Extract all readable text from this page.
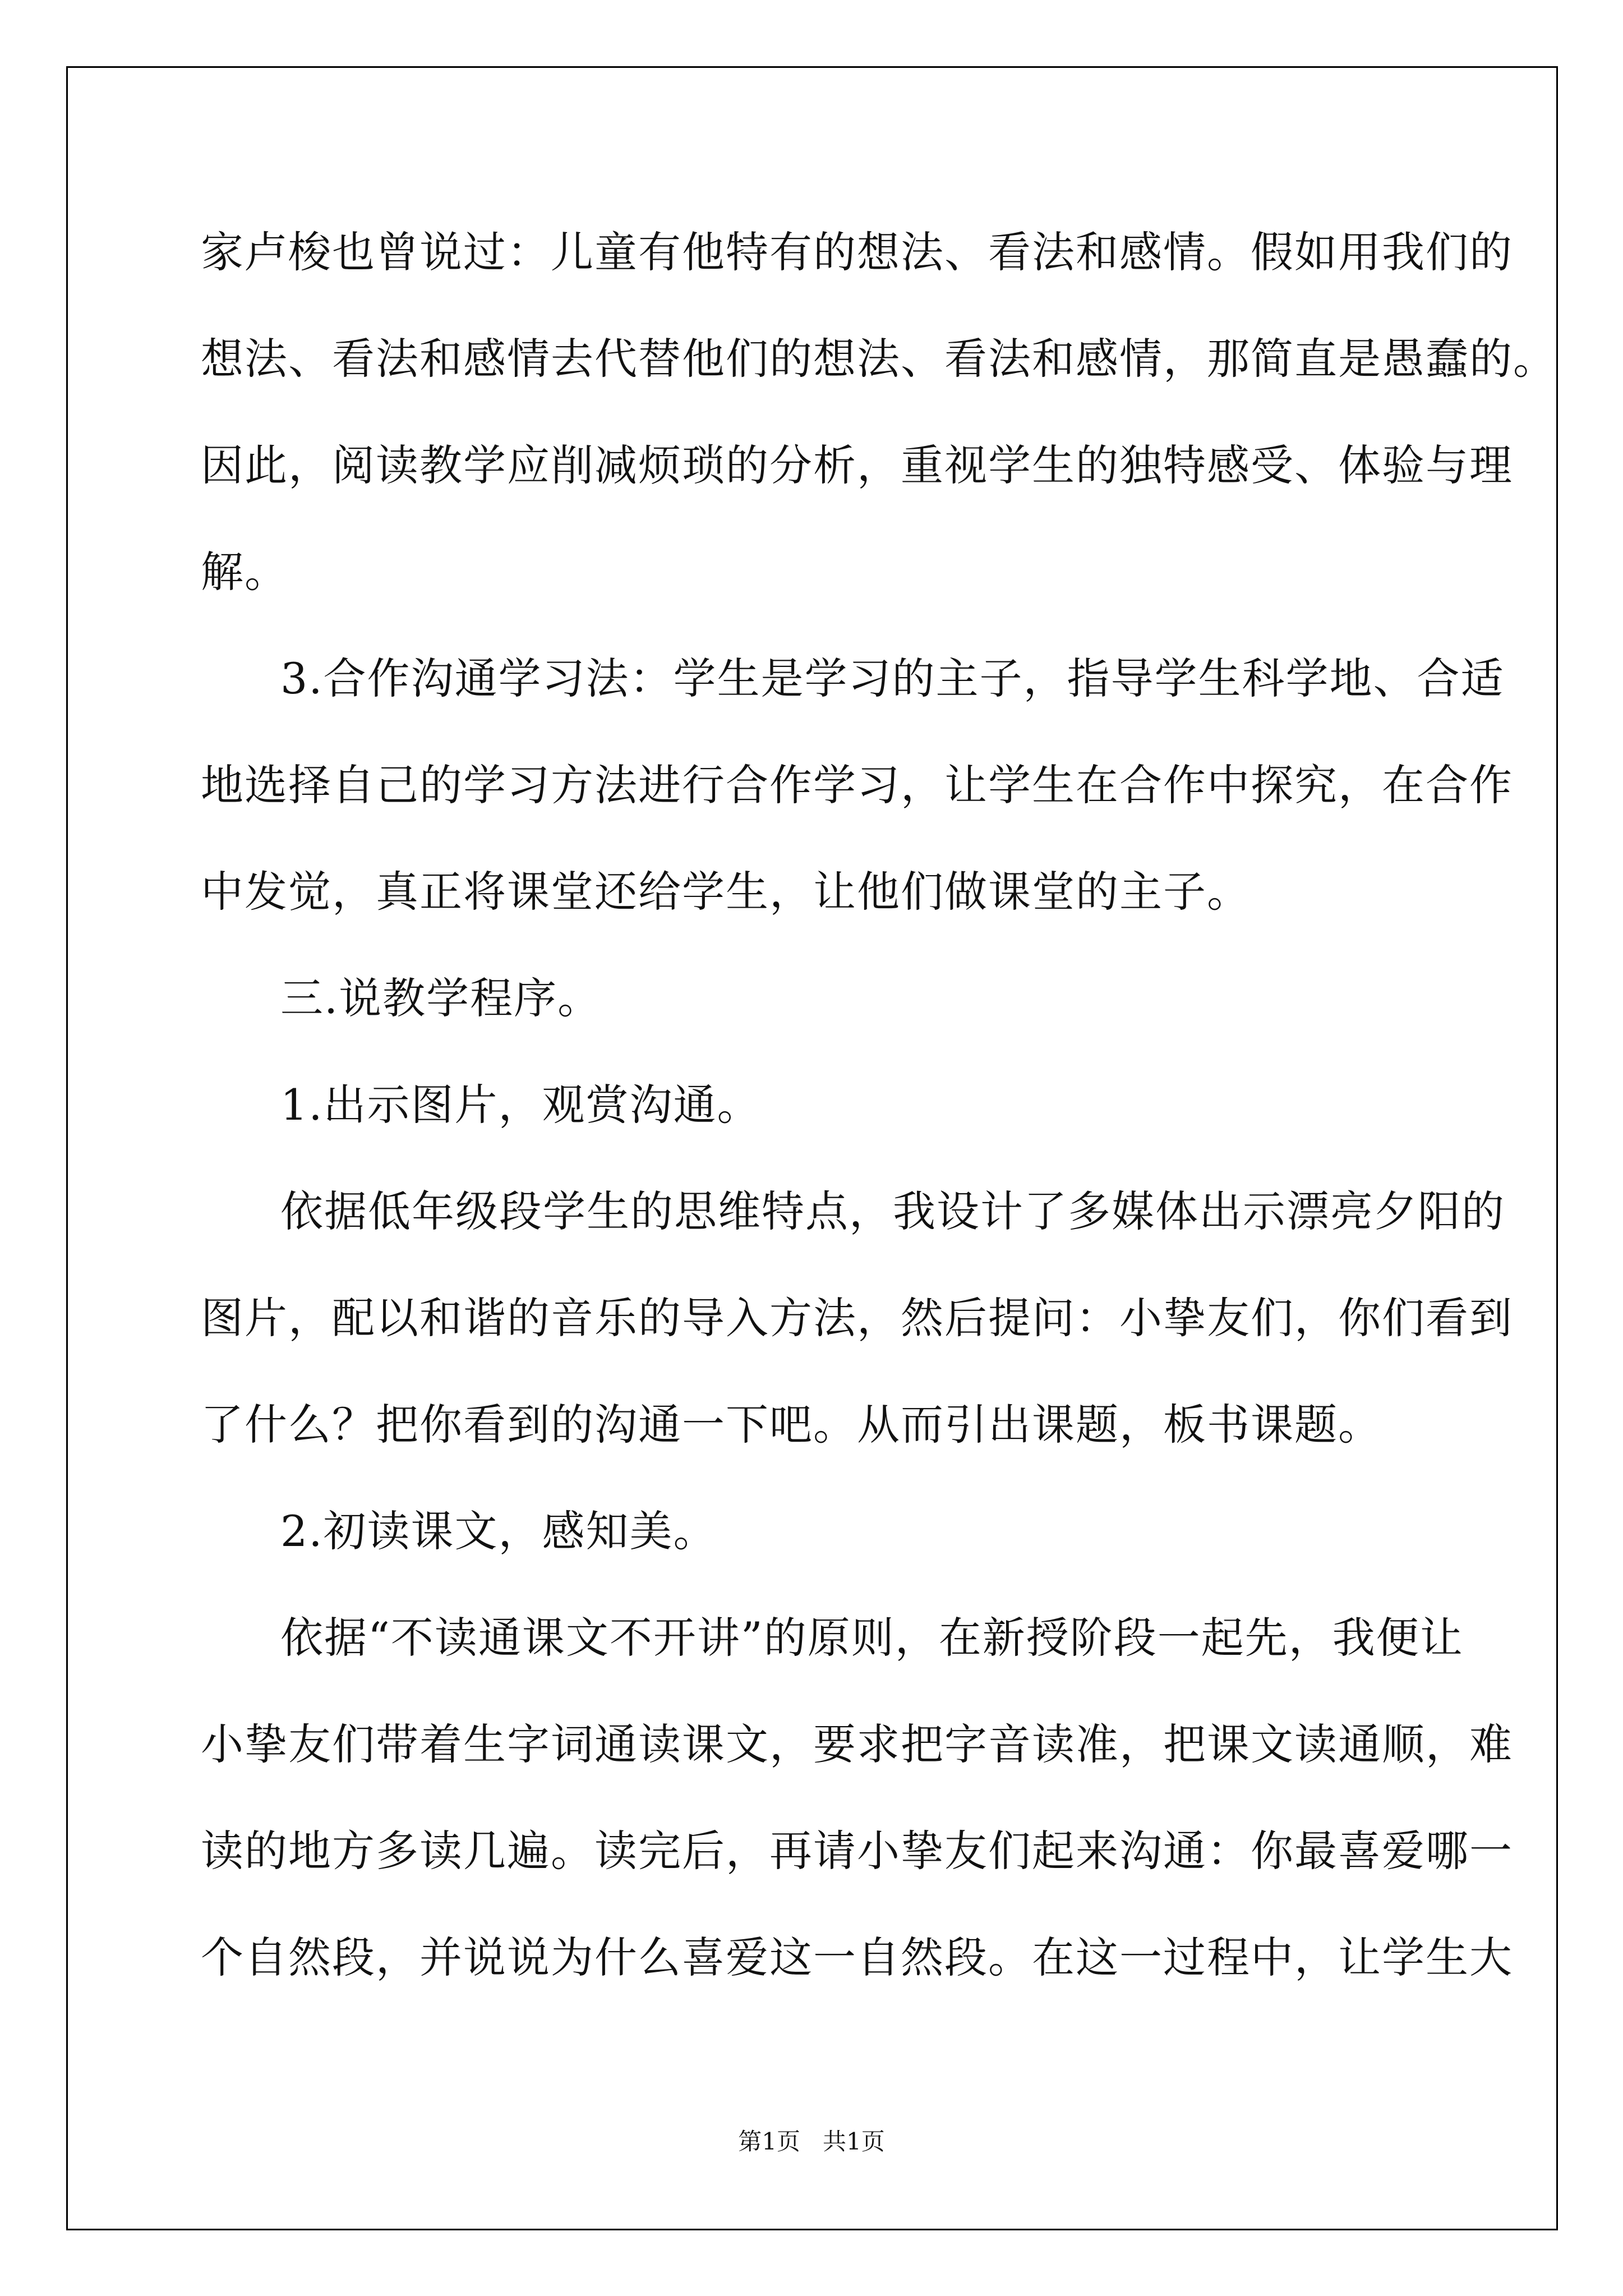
家卢梭也曾说过：儿童有他特有的想法、看法和感情。假如用我们的
想法、看法和感情去代替他们的想法、看法和感情，那简直是愚蠢的。
因此，阅读教学应削减烦琐的分析，重视学生的独特感受、体验与理
解。
3.合作沟通学习法：学生是学习的主子，指导学生科学地、合适
地选择自己的学习方法进行合作学习，让学生在合作中探究，在合作
中发觉，真正将课堂还给学生，让他们做课堂的主子。
三.说教学程序。
1.出示图片，观赏沟通。
依据低年级段学生的思维特点，我设计了多媒体出示漂亮夕阳的
图片，配以和谐的音乐的导入方法，然后提问：小挚友们，你们看到
了什么？把你看到的沟通一下吧。从而引出课题，板书课题。
2.初读课文，感知美。
依据“不读通课文不开讲”的原则，在新授阶段一起先，我便让
小挚友们带着生字词通读课文，要求把字音读准，把课文读通顺，难
读的地方多读几遍。读完后，再请小挚友们起来沟通：你最喜爱哪一
个自然段，并说说为什么喜爱这一自然段。在这一过程中，让学生大
第1页   共1页
